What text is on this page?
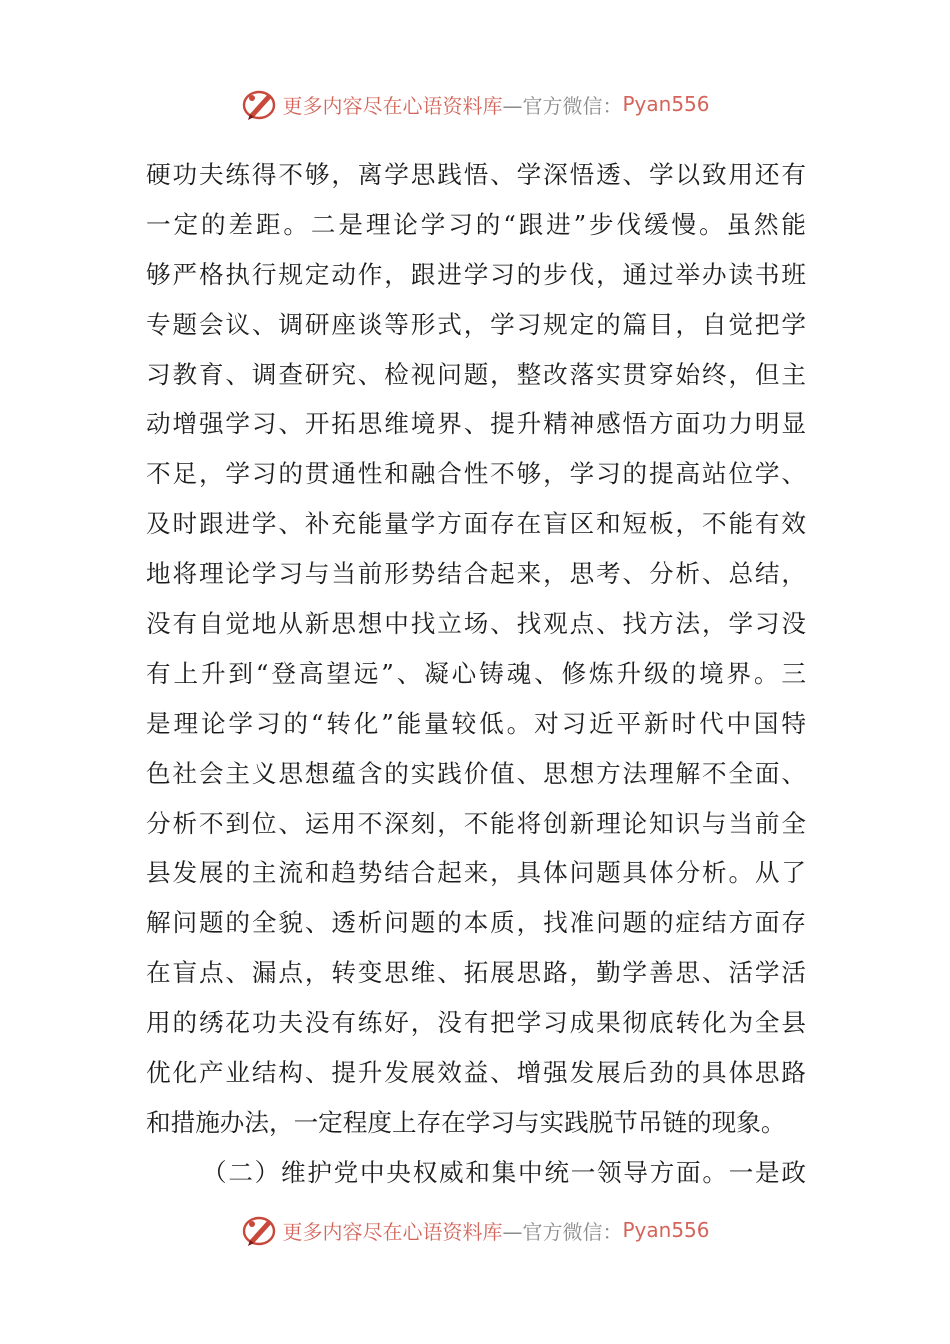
更多内容尽在心语资料库 —官方微信： Pyan556
硬功夫练得不够，离学思践悟、学深悟透、学以致用还有
一定的差距。二是理论学习的“跟进”步伐缓慢。虽然能
够严格执行规定动作，跟进学习的步伐，通过举办读书班
专题会议、调研座谈等形式，学习规定的篇目，自觉把学
习教育、调查研究、检视问题，整改落实贯穿始终，但主
动增强学习、开拓思维境界、提升精神感悟方面功力明显
不足，学习的贯通性和融合性不够，学习的提高站位学、
及时跟进学、补充能量学方面存在盲区和短板，不能有效
地将理论学习与当前形势结合起来，思考、分析、总结，
没有自觉地从新思想中找立场、找观点、找方法，学习没
有上升到“登高望远”、凝心铸魂、修炼升级的境界。三
是理论学习的“转化”能量较低。对习近平新时代中国特
色社会主义思想蕴含的实践价值、思想方法理解不全面、
分析不到位、运用不深刻，不能将创新理论知识与当前全
县发展的主流和趋势结合起来，具体问题具体分析。从了
解问题的全貌、透析问题的本质，找准问题的症结方面存
在盲点、漏点，转变思维、拓展思路，勤学善思、活学活
用的绣花功夫没有练好，没有把学习成果彻底转化为全县
优化产业结构、提升发展效益、增强发展后劲的具体思路
和措施办法，一定程度上存在学习与实践脱节吊链的现象。
（二）维护党中央权威和集中统一领导方面。一是政
更多内容尽在心语资料库 —官方微信： Pyan556
